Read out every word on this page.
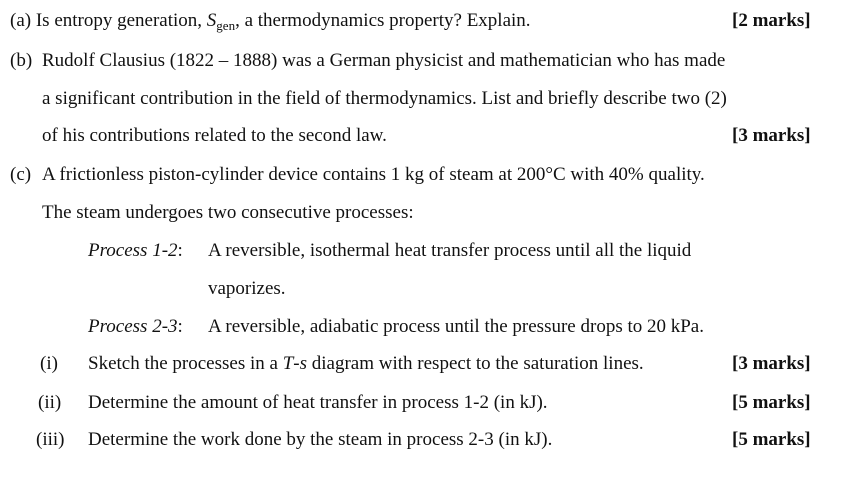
(a) Is entropy generation, $S_{gen}$, a thermodynamics property? Explain.	[2 marks]
(b) Rudolf Clausius (1822 – 1888) was a German physicist and mathematician who has made
a significant contribution in the field of thermodynamics. List and briefly describe two (2)
of his contributions related to the second law.	[3 marks]
(c) A frictionless piston-cylinder device contains 1 kg of steam at 200°C with 40% quality.
The steam undergoes two consecutive processes:
Process 1-2: A reversible, isothermal heat transfer process until all the liquid
vaporizes.
Process 2-3: A reversible, adiabatic process until the pressure drops to 20 kPa.
(i) Sketch the processes in a T-s diagram with respect to the saturation lines.	[3 marks]
(ii) Determine the amount of heat transfer in process 1-2 (in kJ).	[5 marks]
(iii) Determine the work done by the steam in process 2-3 (in kJ).	[5 marks]
